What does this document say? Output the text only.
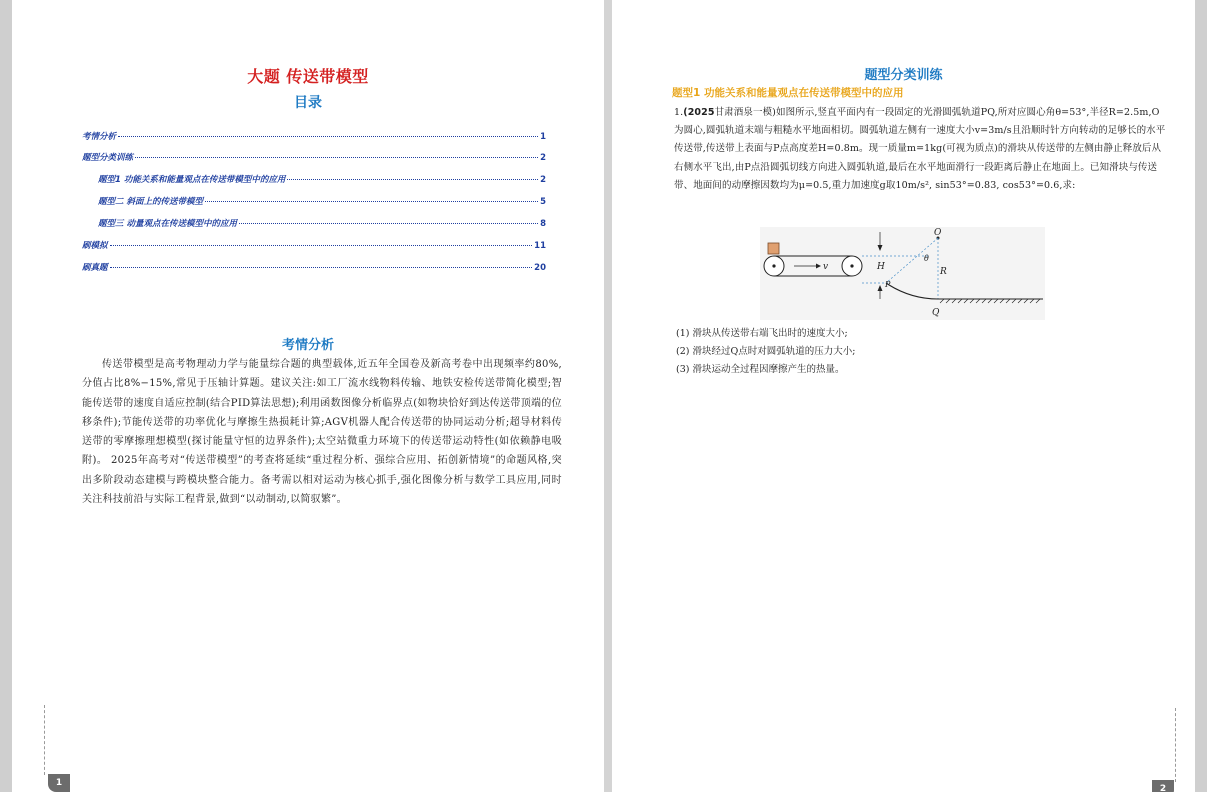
大题 传送带模型
目录
考情分析	1
题型分类训练	2
题型1 功能关系和能量观点在传送带模型中的应用	2
题型二 斜面上的传送带模型	5
题型三 动量观点在传送模型中的应用	8
刷模拟	11
刷真题	20
考情分析
传送带模型是高考物理动力学与能量综合题的典型载体,近五年全国卷及新高考卷中出现频率约80%,分值占比8%−15%,常见于压轴计算题。建议关注:如工厂流水线物料传输、地铁安检传送带简化模型;智能传送带的速度自适应控制(结合PID算法思想);利用函数图像分析临界点(如物块恰好到达传送带顶端的位移条件);节能传送带的功率优化与摩擦生热损耗计算;AGV机器人配合传送带的协同运动分析;超导材料传送带的零摩擦理想模型(探讨能量守恒的边界条件);太空站微重力环境下的传送带运动特性(如依赖静电吸附)。 2025年高考对“传送带模型”的考查将延续“重过程分析、强综合应用、拓创新情境”的命题风格,突出多阶段动态建模与跨模块整合能力。备考需以相对运动为核心抓手,强化图像分析与数学工具应用,同时关注科技前沿与实际工程背景,做到“以动制动,以简驭繁”。
1
题型分类训练
题型1 功能关系和能量观点在传送带模型中的应用
1.(2025甘肃酒泉一模)如图所示,竖直平面内有一段固定的光滑圆弧轨道PQ,所对应圆心角θ=53°,半径R=2.5m,O为圆心,圆弧轨道末端与粗糙水平地面相切。圆弧轨道左侧有一速度大小v=3m/s且沿顺时针方向转动的足够长的水平传送带,传送带上表面与P点高度差H=0.8m。现一质量m=1kg(可视为质点)的滑块从传送带的左侧由静止释放后从右侧水平飞出,由P点沿圆弧切线方向进入圆弧轨道,最后在水平地面滑行一段距离后静止在地面上。已知滑块与传送带、地面间的动摩擦因数均为μ=0.5,重力加速度g取10m/s², sin53°=0.83, cos53°=0.6,求:
v	H
P
O
θ
R
Q
(1) 滑块从传送带右端飞出时的速度大小;
(2) 滑块经过Q点时对圆弧轨道的压力大小;
(3) 滑块运动全过程因摩擦产生的热量。
2
